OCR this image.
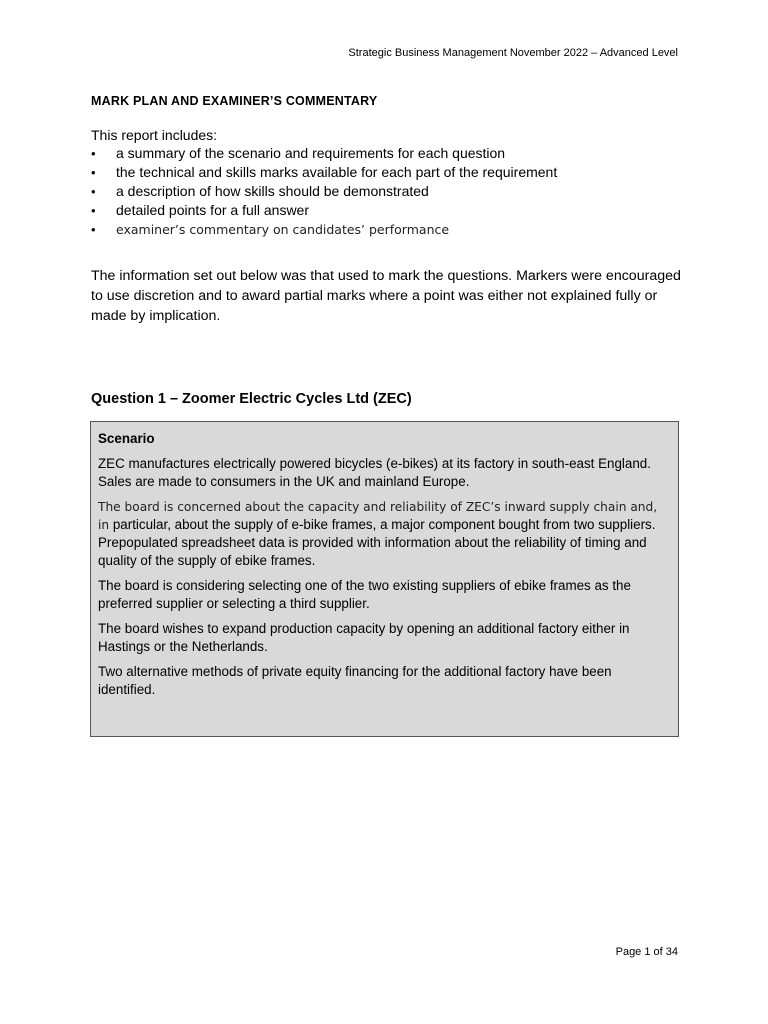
Strategic Business Management November 2022 – Advanced Level
MARK PLAN AND EXAMINER’S COMMENTARY
This report includes:
• a summary of the scenario and requirements for each question
• the technical and skills marks available for each part of the requirement
• a description of how skills should be demonstrated
• detailed points for a full answer
• examiner’s commentary on candidates’ performance

The information set out below was that used to mark the questions. Markers were encouraged to use discretion and to award partial marks where a point was either not explained fully or made by implication.

Question 1 – Zoomer Electric Cycles Ltd (ZEC)
Scenario

ZEC manufactures electrically powered bicycles (e-bikes) at its factory in south-east England. Sales are made to consumers in the UK and mainland Europe.

The board is concerned about the capacity and reliability of ZEC’s inward supply chain and, in particular, about the supply of e-bike frames, a major component bought from two suppliers. Prepopulated spreadsheet data is provided with information about the reliability of timing and quality of the supply of ebike frames.

The board is considering selecting one of the two existing suppliers of ebike frames as the preferred supplier or selecting a third supplier.

The board wishes to expand production capacity by opening an additional factory either in Hastings or the Netherlands.

Two alternative methods of private equity financing for the additional factory have been identified.

Page 1 of 34
